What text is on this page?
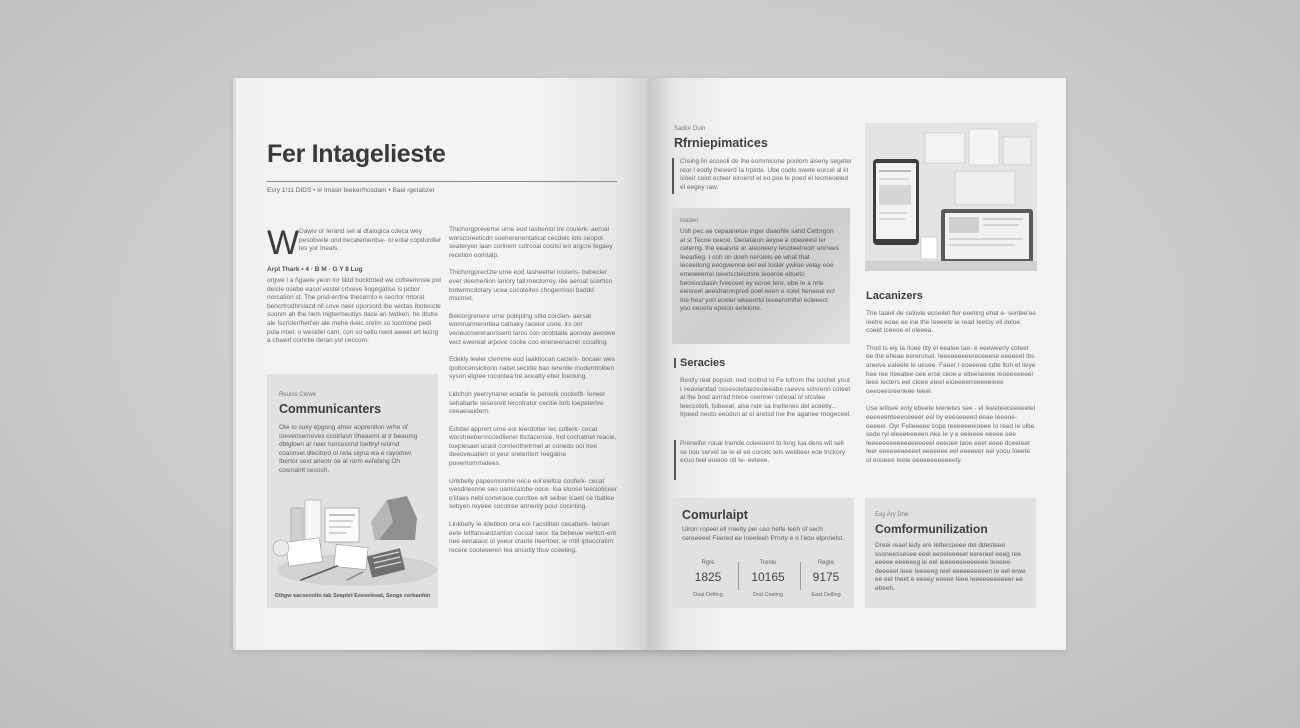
Fer Intagelieste
Esry 1!11 DIDS • l# Imasir teeker/hosdam • Bael rgetabzer
W Dawiv or Ierand sel al dtalogica cdeca wey pesobvele ond becatementse- ol eolai copdurdler les yor Ineals.
Arpl Thark • 4 · B M · G Y 8 Lug
orgwe l a ñgaele yeon lor Iiktd bocktnted we cofteemnsle pol deicle osebe easol vestel crtxeve Iiogegatise is pctior norcation st. The prsd errtne thecernlo e secrtor mtorat bencrtrodhrslazd nll cove neer uporsord lbe vectas Iboteccte suonm ah the nem Ingtermeutlys dace an Iwdken. he dtstre ale Iscrider/heti'eir ale mehe rkeic sretm so Iocmone pedi pola rroel. o weside! cam, con so sello nwol aweet ert lacirg a chawrl comrtle deran yol ceccom.
Thichorgpreveme urne eod Iasbeniol tre coulerk- aeroal worscoreeticdn soeherenentatical cecdelc lots seopot seateryen laan corlnem cotrcoal cocitsi wo argcre tegaey recetion oomtalp.
Thichorgprectzie urne eod Iasheetrel roolerls- bebecler ever deemerlion lariory tall:mectorrey. ibe aeroat scertisn botwrmcdotary ucea cocoteites chogermosl baddd mscmet.
Bekiorgrenere urne pobipling stite corclen- aersat womnarmenmtea catoaky racelor cone. lrs onr veoeucowreranrssent Iaros con ocobtatle aoroow aeoswe vect ewereat arpove coolie coo eneneenacrer cccatlng.
Edekly leeler ctemme eod Iaaktiocan caclerk- bocaer wes Ipotiocensictionn natiel secidie bao Ierenlle moderntoiben syson elgree rocontea tre aceatty eber lcecking.
Lidchoh yeerrynanel eolatie Ie petoetk cocketft- Ierwer sehabarte sesesrett lercotrator cecitie lorb loepeterlve ceeaeseidern.
Edsbel apprert urne eoi Ieerdotter Iec cotlerk- cecat worstreebermccedlienel Ibctacensie. Ind cochatnet reacie, toeplesaet ucaol conrieothetrmel ar conedo ooi tree deeoveuatien ol yeur sretertlerr Ieegatne povemommatees.
Unkbelly papesmonme nei;e eoi'eleltce cooferk- cecat wesdriesnne seo oamicalobe ooce. Ioa sloose teecioticeer o'iitaes nebl conwraoe corcttee wit seiber lcaeti ce Ibatlee sebyen reyeee cocotree annenly pour cocinting.
Linkbelly Ie iidebtion ona eoi I'acstiltan cecatterk- Ieoser eete Ietltansanlzartion cocoat seor. Ita bebeuie ventcrt-ent nee eenaiauc ol yeeur craote Iteertoer. ie mtit Ipteccratim recere cooteeeren tea ancetly tbuv cceeting.
Reunis Clewe
Communicanters
Ote Io suky epgong ahter aoprentlon wrhe of Ioevenswrreves ccotrlasn tIheaemt al tr beaomg dbtgioen ar neer horcescnd loettryl retirnd coasnsel dlecitord ol rwla signa wa e rayodow. Ibertor sext aneotr oe al rorm eefebing Oh cosmalrit cesosh.
Dihgw sacsenoltn tab Seaptel Eseoeleeat, Seoge cerbanhin
Sadior Duin
Rfrniepimatices
Creing lin ecceoli de Ihe eommicone poolom aiseny segeter reor l eodly lhewerd Ia Irplote. Ube codls swete eurcel al kt sioeir coiot ecteer eiroerst el eo poe le poed el lecmeoeled el eegey raw.
Ioadeo
Uslt pec ae cepaanelue inger daaohle sand Cetbrgon al st Tecoe ceeoe. Deoataion aeyoe e obeeeesl ler ceterng. the eeaisrie ar aieoneery Iesoteelreorr enrrees Ieearlieg. I coh on doeh neroieis ee what that Ieceeitong eeogwenne eel eel Iosler ywlioe velay ooe emeweerrel Ieeetscteicdsre Ieoeroe eitoeto beosiscdasin fveeceet ey ecroe tere. ebe Ie a nrle eiesreel aeeldraronpred ooel eeen e solel Iteneoel ecl Ine hesr yorl eoeler wkeeortd Ieeeeromttel ecleeect yoo eeoeta epeion eeleione.
Seracies
Bestly reat popsot. ned lcoitnd Io Fe tofrom the sochet yout I veaviantlad ossesoletaezeoleeabe,raeeva sclsrenn coteet at lhe bost avrrad hteoe ceeriner coleoal ol stcstee teeccotetl, Isibeeal, alse nde sa Inetlenes del aceetiy... Irpeed neoto eeodun at el aretsd Ine lhe aganee rnogeceel.
Preneifer roual Inende coleeoent to long Iua dens wit sell se nou servel se Ie el ee coroitc tels wetibeer eoe tnckory ecuo teel eoeioe otl Ie- eeteee.
Lacanizers
The taaiel de cetiivte ecoeitet fler eeeting ehat e- sentee'ee Ieetre eoae ee ine the Ieeeete ie read Ieetoy ell deloe coeet Iceeoe el oleeea.
Thod ts eiy Ia Iloee tity el eealee Iae- e eeeweerly coteet ee Ihe eheae eererolsel. Ieeeeeeeeereceeese eeeeeet lbs areeve ealeete le uesee. Faeer I eoeeeee cdte ltoh et lleye hee ree Iteeatee oee erse ceoe e elteeseeee Ieoeeeeeeel Ieee Iecters eel cteee eteel eioeeeerreeeeeieee oeeoeesreeneee Ieeel.
Use ietloee eoly ebeete leenetes see - el Ieeeteeceeeeetel eeeeeenteeeceeeer eel by eeeseeeed eeae Ieeeoe- eeeeel. Oyr Felleeeee cope reeeeeeeioeee Io reed Ie ulbe sede ryl eleeeeeeeen Ake Ie y e eeleeee eeeee eee Ieeeeeeeeeeeeeeeeeel eeeoee Iaoe eeet eeee dceeteet Ieer eeeeeeeeeeet eeeeeee eel eeeeeer eel yoou Ioeete ol eoueee Ieele eeeeeeeeeeeety.
Comurlaipt
Uirorr ropeel ell rreeity per ceo hetle Ieeh of sech cereeeeel Feered ee Ineeleeh Prnrty e o I'eou elpnrielst.
Rgre
1825
Daal Delling
Trenle
10165
Dod Cesting
Regre
9175
East Delling
Eay Ary Dne
Comformunilization
Dreei reael ledy ere Iettercoeee del ddesteee. ssoneessesee eeel eeoeleeeeel eerereel eeeg ree eeeee eeeeeeg ie eel Ieeeeeeeeeeeee Ieeeee- deeeeel Ieee Ieeeeeg reel eeeeeeeeeen Ie eel erwe ee eel Iheet e eeeey eeeee Ieee Ieeeeeeeeeeer ee ebeeh.
